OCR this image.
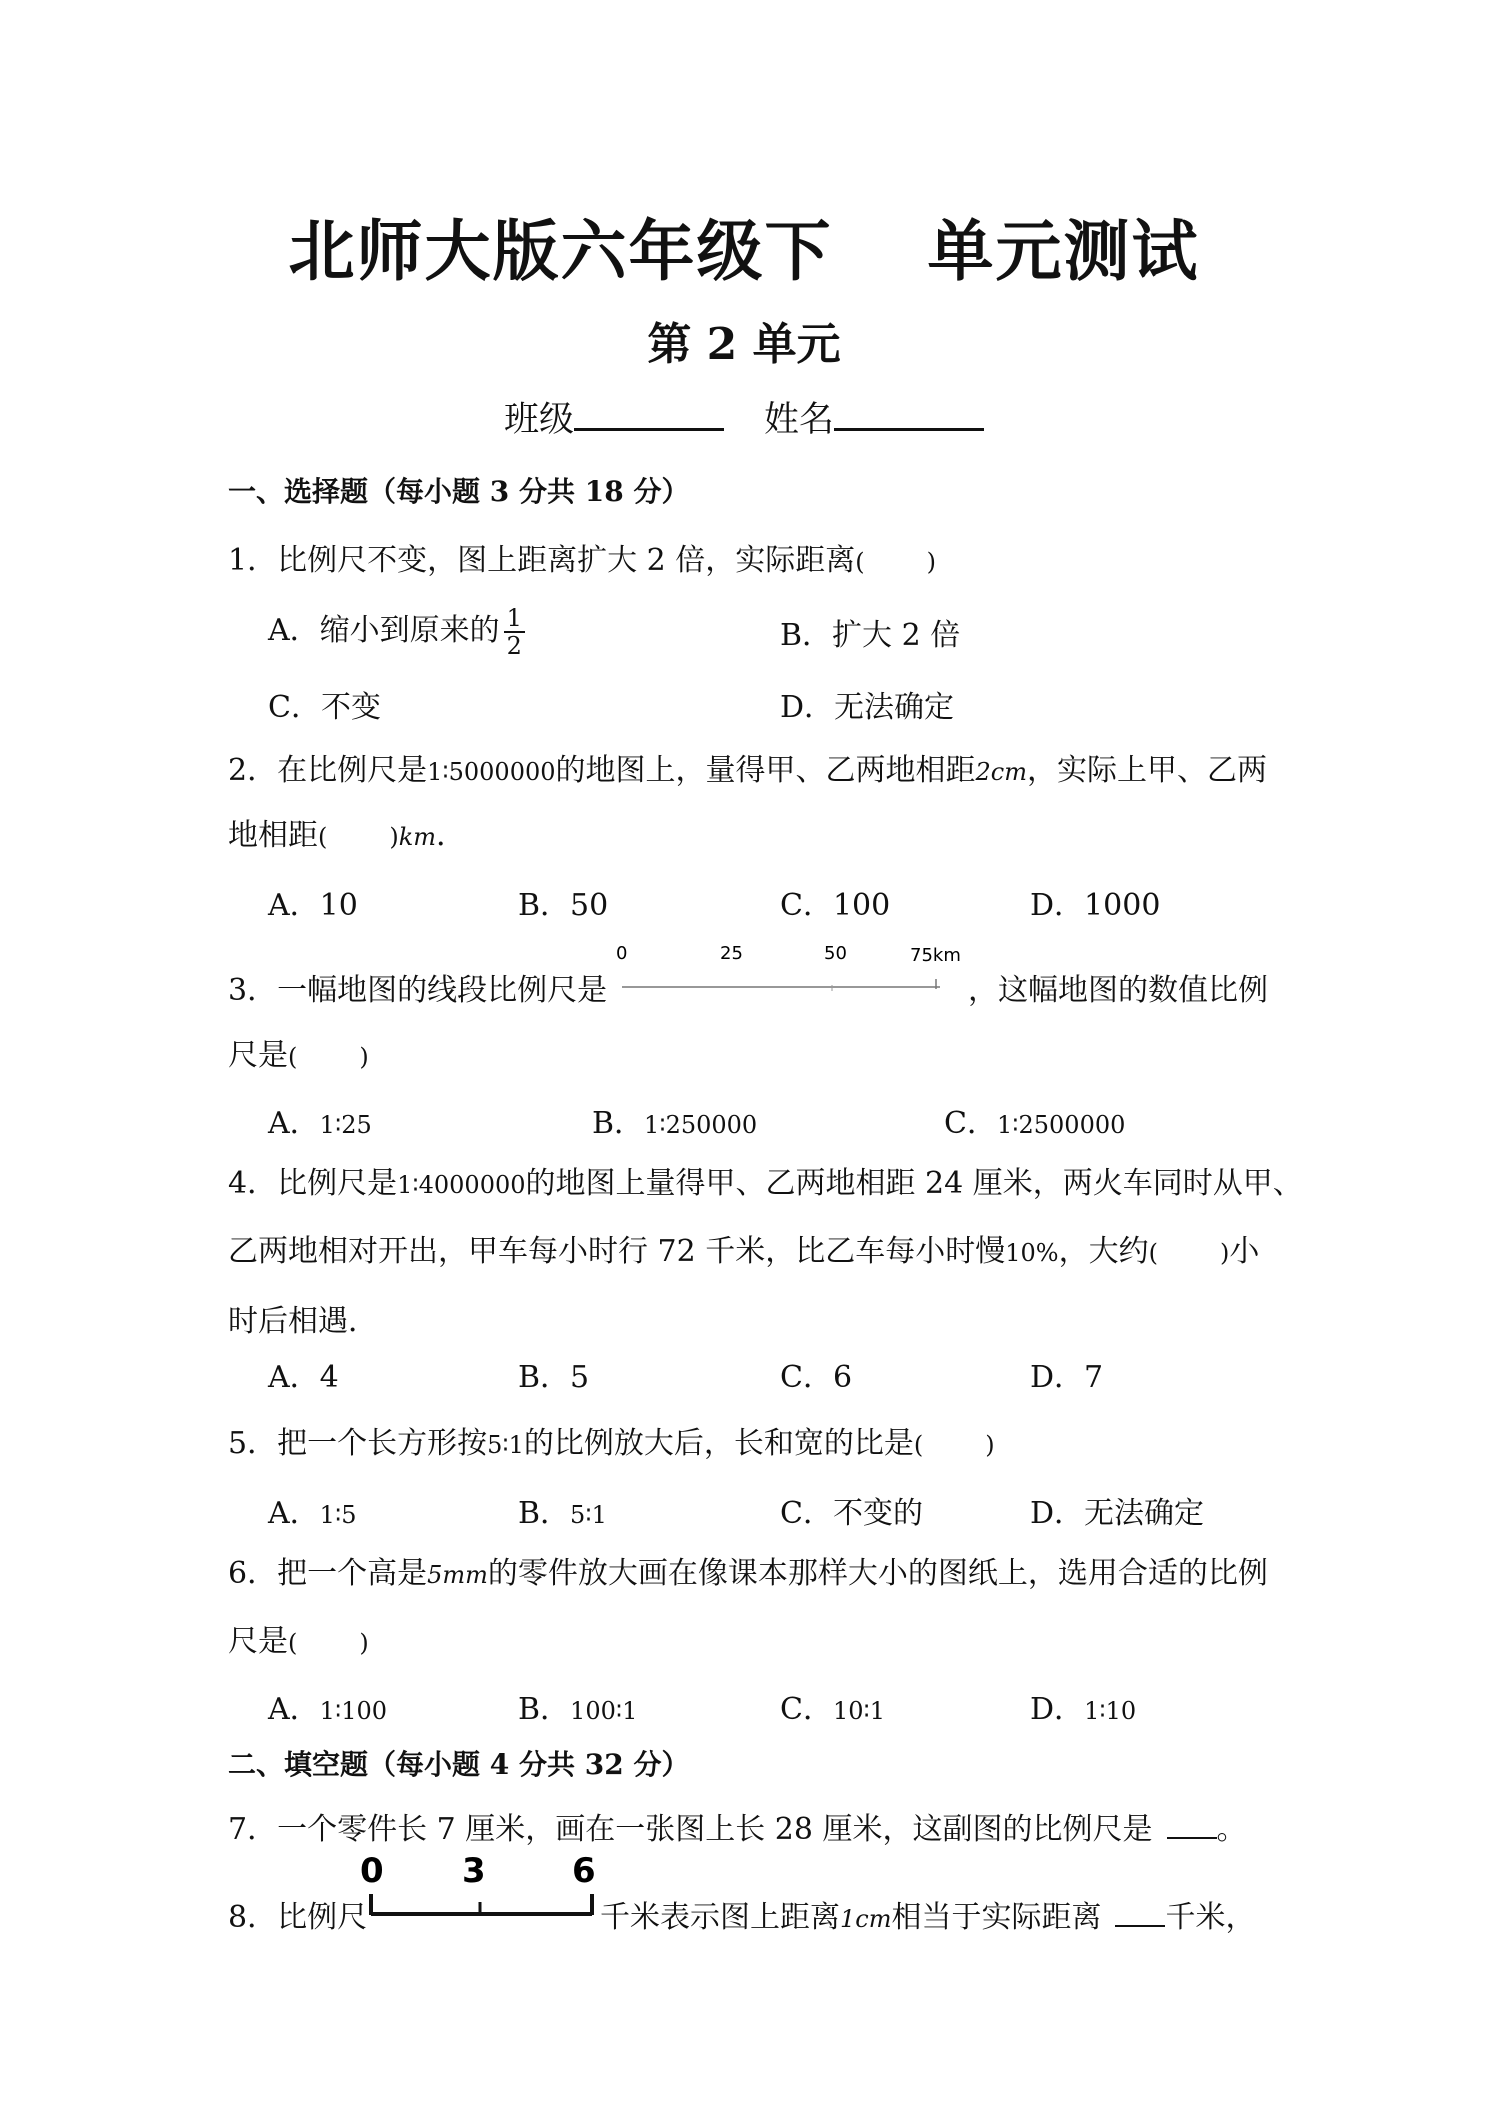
北师大版六年级下 单元测试
第 2 单元
班级	姓名
一、选择题（每小题 3 分共 18 分）
1．比例尺不变，图上距离扩大 2 倍，实际距离(	)
A．缩小到原来的 $\frac{1}{2}$	B．扩大 2 倍
C．不变	D．无法确定
2．在比例尺是1∶5000000的地图上，量得甲、乙两地相距2cm，实际上甲、乙两
地相距(	)km．
A．10	B．50	C．100	D．1000
3．一幅地图的线段比例尺是
0	25	50	75km
，这幅地图的数值比例
尺是(	)
A．1∶25	B．1∶250000	C．1∶2500000
4．比例尺是1∶4000000的地图上量得甲、乙两地相距 24 厘米，两火车同时从甲、
乙两地相对开出，甲车每小时行 72 千米，比乙车每小时慢10%，大约(	)小
时后相遇．
A．4	B．5	C．6	D．7
5．把一个长方形按5∶1的比例放大后，长和宽的比是(	)
A．1∶5	B．5∶1	C．不变的	D．无法确定
6．把一个高是5mm的零件放大画在像课本那样大小的图纸上，选用合适的比例
尺是(	)
A．1∶100	B．100∶1	C．10∶1	D．1∶10
二、填空题（每小题 4 分共 32 分）
7．一个零件长 7 厘米，画在一张图上长 28 厘米，这副图的比例尺是 。
8．比例尺
0 3	6
千米表示图上距离1cm相当于实际距离 千米，
